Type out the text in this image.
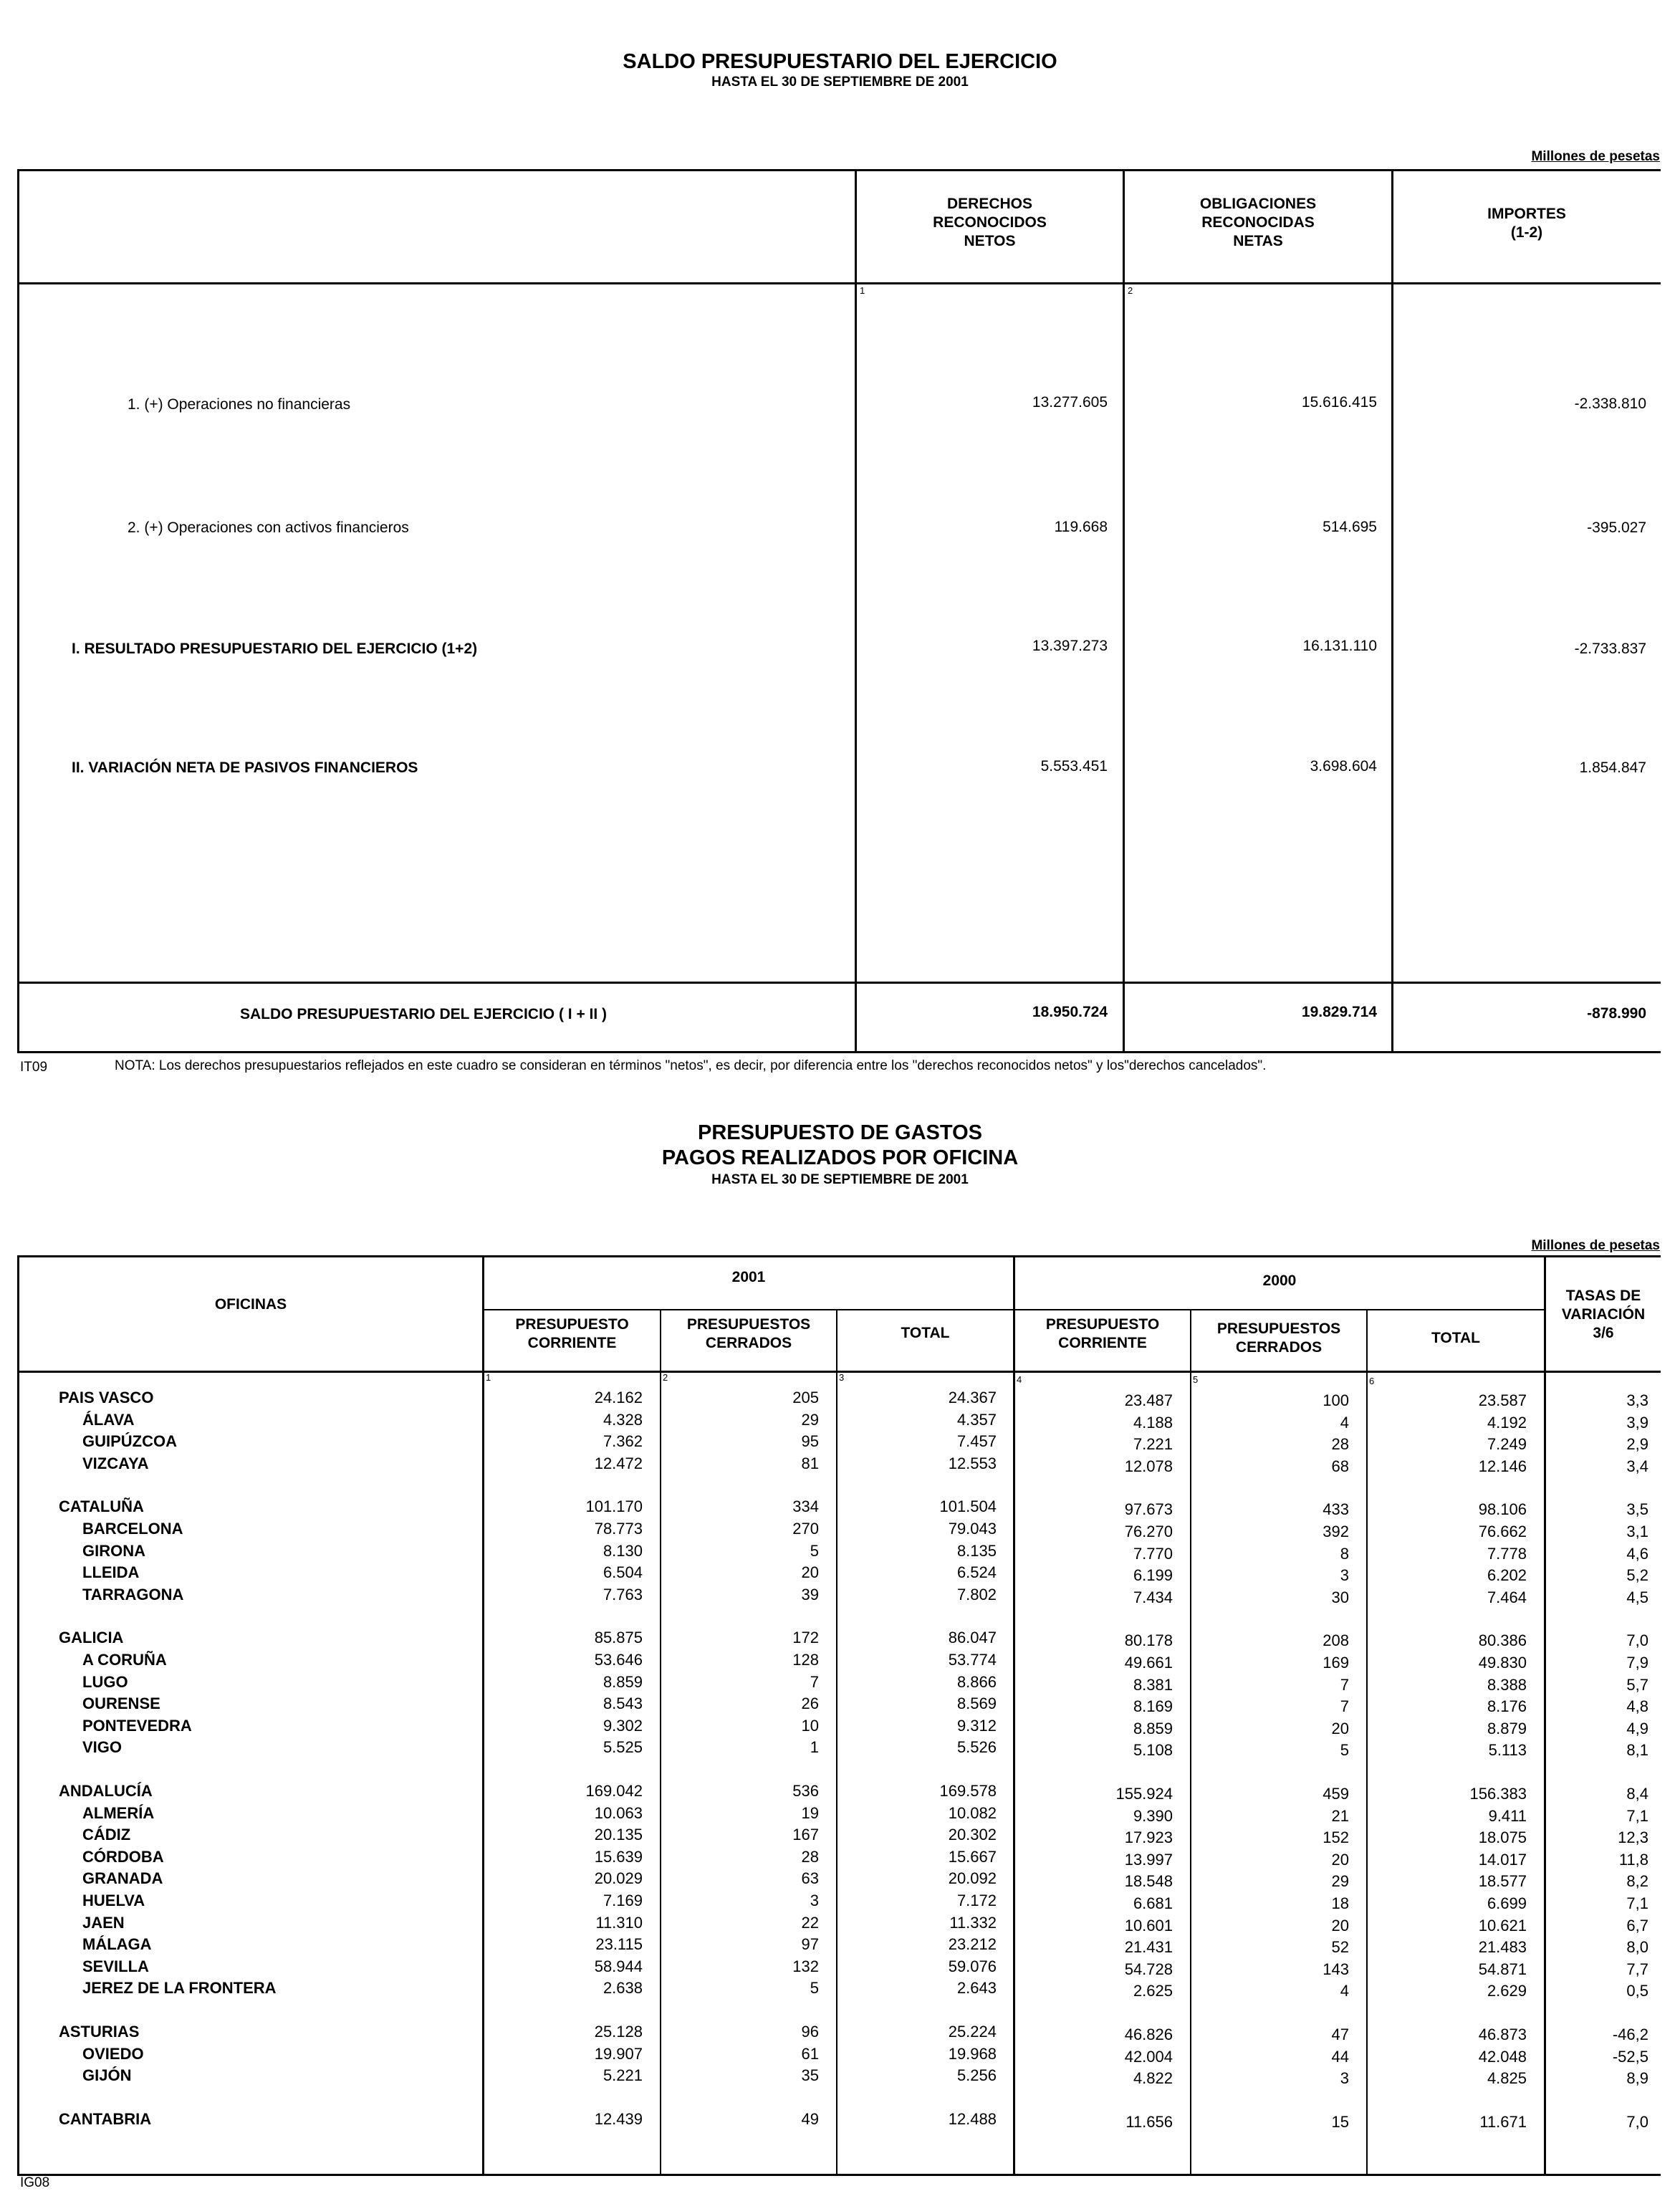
SALDO PRESUPUESTARIO DEL EJERCICIO
HASTA EL 30 DE SEPTIEMBRE DE 2001
Millones de pesetas
DERECHOS
RECONOCIDOS
NETOS
OBLIGACIONES
RECONOCIDAS
NETAS
IMPORTES
(1-2)
1	2
1. (+) Operaciones no financieras	13.277.605	15.616.415	-2.338.810
2. (+) Operaciones con activos financieros	119.668	514.695	-395.027
I. RESULTADO PRESUPUESTARIO DEL EJERCICIO (1+2)	13.397.273	16.131.110	-2.733.837
II. VARIACIÓN NETA DE PASIVOS FINANCIEROS	5.553.451	3.698.604	1.854.847
SALDO PRESUPUESTARIO DEL EJERCICIO ( I + II )	18.950.724	19.829.714	-878.990
IT09	NOTA: Los derechos presupuestarios reflejados en este cuadro se consideran en términos "netos", es decir, por diferencia entre los "derechos reconocidos netos" y los"derechos cancelados".
PRESUPUESTO DE GASTOS
PAGOS REALIZADOS POR OFICINA
HASTA EL 30 DE SEPTIEMBRE DE 2001
Millones de pesetas
OFICINAS
2001	2000
PRESUPUESTO
CORRIENTE
PRESUPUESTOS
CERRADOS
TOTAL
PRESUPUESTO
CORRIENTE
PRESUPUESTOS
CERRADOS
TOTAL
TASAS DE
VARIACIÓN
3/6
1	2	3	4	5	6
PAIS VASCO	24.162	205	24.367	23.487	100	23.587	3,3
ÁLAVA	4.328	29	4.357	4.188	4	4.192	3,9
GUIPÚZCOA	7.362	95	7.457	7.221	28	7.249	2,9
VIZCAYA	12.472	81	12.553	12.078	68	12.146	3,4
CATALUÑA	101.170	334	101.504	97.673	433	98.106	3,5
BARCELONA	78.773	270	79.043	76.270	392	76.662	3,1
GIRONA	8.130	5	8.135	7.770	8	7.778	4,6
LLEIDA	6.504	20	6.524	6.199	3	6.202	5,2
TARRAGONA	7.763	39	7.802	7.434	30	7.464	4,5
GALICIA	85.875	172	86.047	80.178	208	80.386	7,0
A CORUÑA	53.646	128	53.774	49.661	169	49.830	7,9
LUGO	8.859	7	8.866	8.381	7	8.388	5,7
OURENSE	8.543	26	8.569	8.169	7	8.176	4,8
PONTEVEDRA	9.302	10	9.312	8.859	20	8.879	4,9
VIGO	5.525	1	5.526	5.108	5	5.113	8,1
ANDALUCÍA	169.042	536	169.578	155.924	459	156.383	8,4
ALMERÍA	10.063	19	10.082	9.390	21	9.411	7,1
CÁDIZ	20.135	167	20.302	17.923	152	18.075	12,3
CÓRDOBA	15.639	28	15.667	13.997	20	14.017	11,8
GRANADA	20.029	63	20.092	18.548	29	18.577	8,2
HUELVA	7.169	3	7.172	6.681	18	6.699	7,1
JAEN	11.310	22	11.332	10.601	20	10.621	6,7
MÁLAGA	23.115	97	23.212	21.431	52	21.483	8,0
SEVILLA	58.944	132	59.076	54.728	143	54.871	7,7
JEREZ DE LA FRONTERA	2.638	5	2.643	2.625	4	2.629	0,5
ASTURIAS	25.128	96	25.224	46.826	47	46.873	-46,2
OVIEDO	19.907	61	19.968	42.004	44	42.048	-52,5
GIJÓN	5.221	35	5.256	4.822	3	4.825	8,9
CANTABRIA	12.439	49	12.488	11.656	15	11.671	7,0
IG08
